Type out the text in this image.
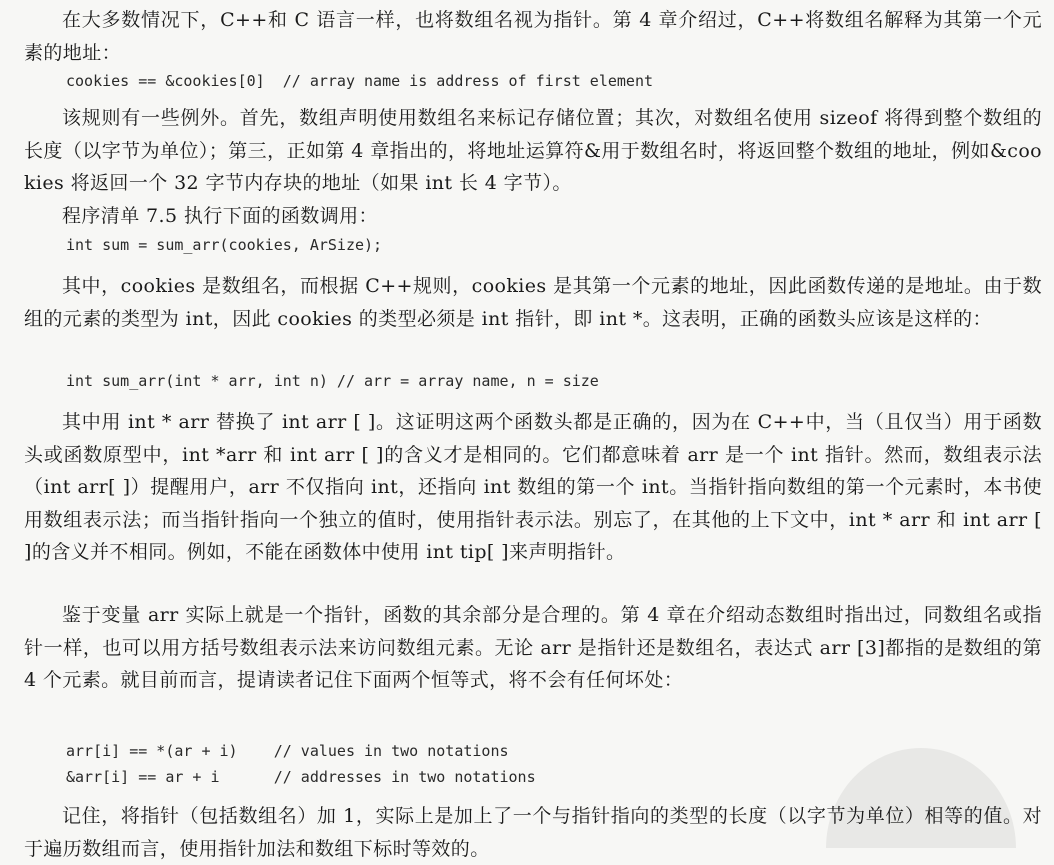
在大多数情况下，C++和 C 语言一样，也将数组名视为指针。第 4 章介绍过，C++将数组名解释为其第一个元素的地址：

cookies == &cookies[0]  // array name is address of first element

该规则有一些例外。首先，数组声明使用数组名来标记存储位置；其次，对数组名使用 sizeof 将得到整个数组的长度（以字节为单位）；第三，正如第 4 章指出的，将地址运算符&用于数组名时，将返回整个数组的地址，例如&cookies 将返回一个 32 字节内存块的地址（如果 int 长 4 字节）。

程序清单 7.5 执行下面的函数调用：

int sum = sum_arr(cookies, ArSize);

其中，cookies 是数组名，而根据 C++规则，cookies 是其第一个元素的地址，因此函数传递的是地址。由于数组的元素的类型为 int，因此 cookies 的类型必须是 int 指针，即 int *。这表明，正确的函数头应该是这样的：

int sum_arr(int * arr, int n) // arr = array name, n = size

其中用 int * arr 替换了 int arr [ ]。这证明这两个函数头都是正确的，因为在 C++中，当（且仅当）用于函数头或函数原型中，int *arr 和 int arr [ ]的含义才是相同的。它们都意味着 arr 是一个 int 指针。然而，数组表示法（int arr[ ]）提醒用户，arr 不仅指向 int，还指向 int 数组的第一个 int。当指针指向数组的第一个元素时，本书使用数组表示法；而当指针指向一个独立的值时，使用指针表示法。别忘了，在其他的上下文中，int * arr 和 int arr [ ]的含义并不相同。例如，不能在函数体中使用 int tip[ ]来声明指针。

鉴于变量 arr 实际上就是一个指针，函数的其余部分是合理的。第 4 章在介绍动态数组时指出过，同数组名或指针一样，也可以用方括号数组表示法来访问数组元素。无论 arr 是指针还是数组名，表达式 arr [3]都指的是数组的第 4 个元素。就目前而言，提请读者记住下面两个恒等式，将不会有任何坏处：

arr[i] == *(ar + i)    // values in two notations
&arr[i] == ar + i      // addresses in two notations

记住，将指针（包括数组名）加 1，实际上是加上了一个与指针指向的类型的长度（以字节为单位）相等的值。对于遍历数组而言，使用指针加法和数组下标时等效的。
